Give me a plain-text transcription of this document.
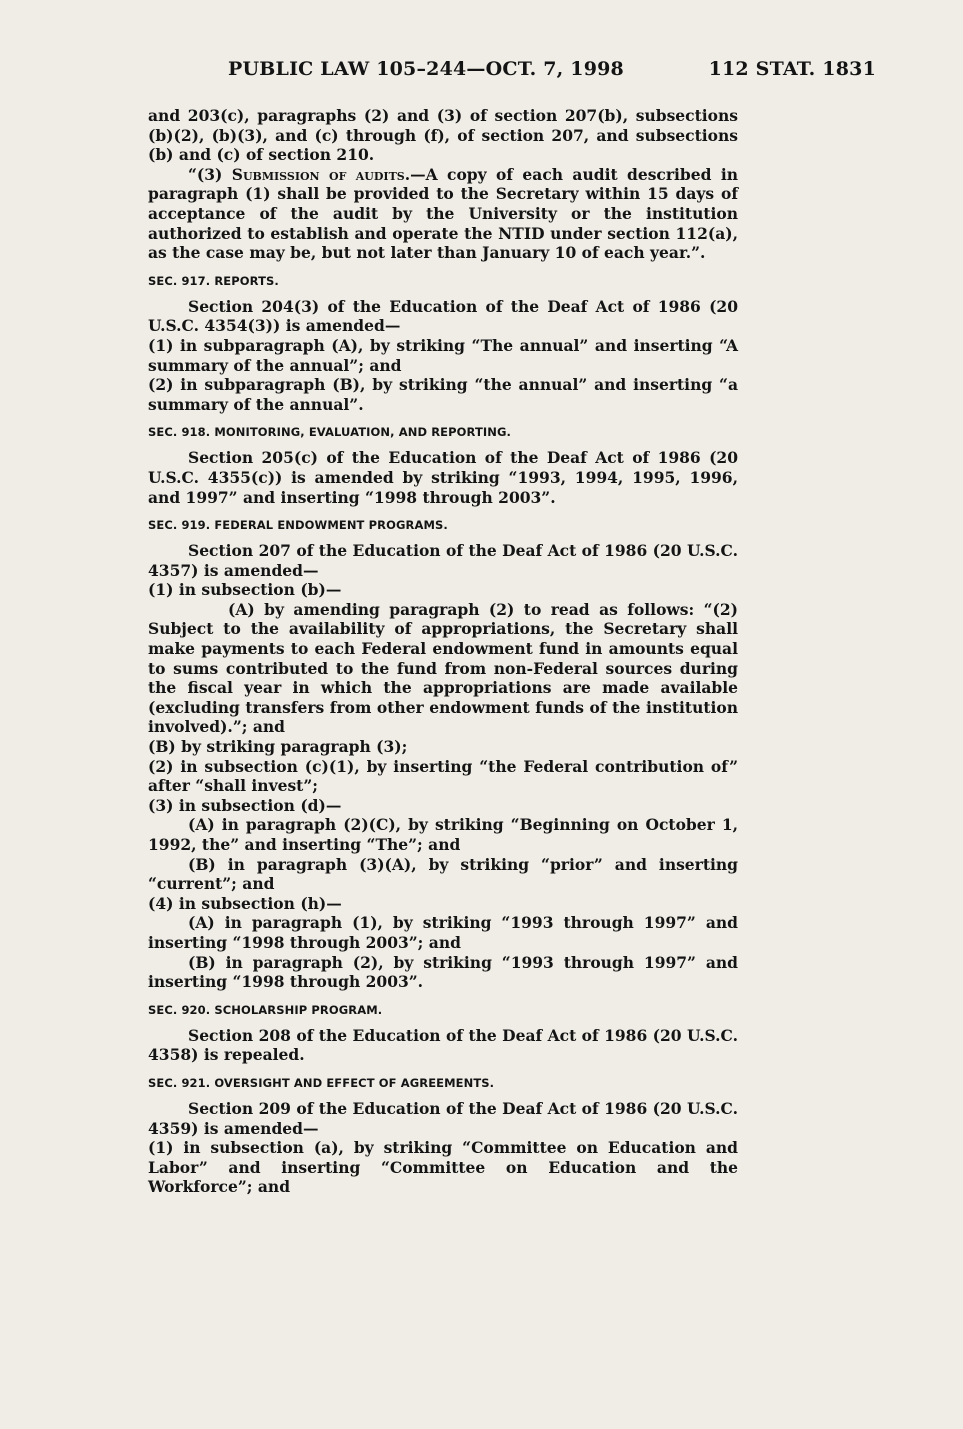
PUBLIC LAW 105–244—OCT. 7, 1998	112 STAT. 1831

and 203(c), paragraphs (2) and (3) of section 207(b), subsections (b)(2), (b)(3), and (c) through (f), of section 207, and subsections (b) and (c) of section 210.

“(3) Submission of audits.—A copy of each audit described in paragraph (1) shall be provided to the Secretary within 15 days of acceptance of the audit by the University or the institution authorized to establish and operate the NTID under section 112(a), as the case may be, but not later than January 10 of each year.”.

SEC. 917. REPORTS.

Section 204(3) of the Education of the Deaf Act of 1986 (20 U.S.C. 4354(3)) is amended—

(1) in subparagraph (A), by striking “The annual” and inserting “A summary of the annual”; and

(2) in subparagraph (B), by striking “the annual” and inserting “a summary of the annual”.

SEC. 918. MONITORING, EVALUATION, AND REPORTING.

Section 205(c) of the Education of the Deaf Act of 1986 (20 U.S.C. 4355(c)) is amended by striking “1993, 1994, 1995, 1996, and 1997” and inserting “1998 through 2003”.

SEC. 919. FEDERAL ENDOWMENT PROGRAMS.

Section 207 of the Education of the Deaf Act of 1986 (20 U.S.C. 4357) is amended—

(1) in subsection (b)—

(A) by amending paragraph (2) to read as follows: “(2) Subject to the availability of appropriations, the Secretary shall make payments to each Federal endowment fund in amounts equal to sums contributed to the fund from non-Federal sources during the fiscal year in which the appropriations are made available (excluding transfers from other endowment funds of the institution involved).”; and

(B) by striking paragraph (3);

(2) in subsection (c)(1), by inserting “the Federal contribution of” after “shall invest”;

(3) in subsection (d)—

(A) in paragraph (2)(C), by striking “Beginning on October 1, 1992, the” and inserting “The”; and

(B) in paragraph (3)(A), by striking “prior” and inserting “current”; and

(4) in subsection (h)—

(A) in paragraph (1), by striking “1993 through 1997” and inserting “1998 through 2003”; and

(B) in paragraph (2), by striking “1993 through 1997” and inserting “1998 through 2003”.

SEC. 920. SCHOLARSHIP PROGRAM.

Section 208 of the Education of the Deaf Act of 1986 (20 U.S.C. 4358) is repealed.

SEC. 921. OVERSIGHT AND EFFECT OF AGREEMENTS.

Section 209 of the Education of the Deaf Act of 1986 (20 U.S.C. 4359) is amended—

(1) in subsection (a), by striking “Committee on Education and Labor” and inserting “Committee on Education and the Workforce”; and
